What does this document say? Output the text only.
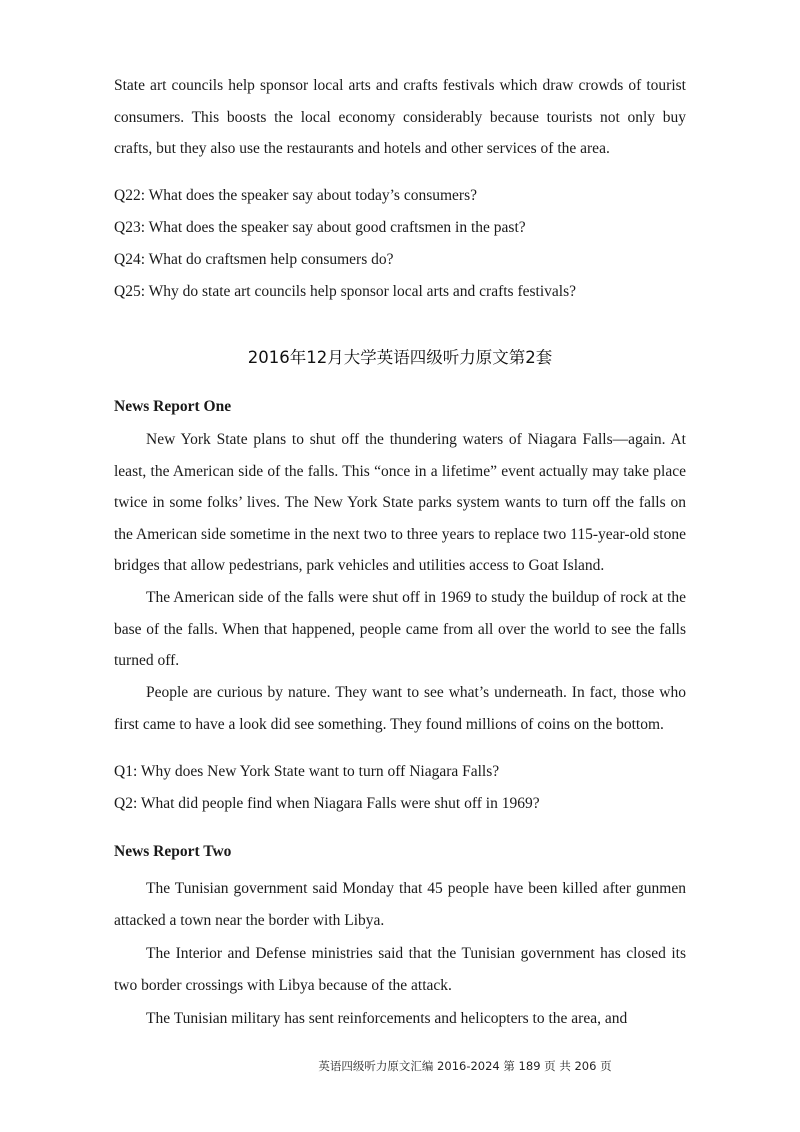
State art councils help sponsor local arts and crafts festivals which draw crowds of tourist consumers. This boosts the local economy considerably because tourists not only buy crafts, but they also use the restaurants and hotels and other services of the area.

Q22: What does the speaker say about today’s consumers?

Q23: What does the speaker say about good craftsmen in the past?

Q24: What do craftsmen help consumers do?

Q25: Why do state art councils help sponsor local arts and crafts festivals?

2016年12月大学英语四级听力原文第2套

News Report One

New York State plans to shut off the thundering waters of Niagara Falls—again. At least, the American side of the falls. This “once in a lifetime” event actually may take place twice in some folks’ lives. The New York State parks system wants to turn off the falls on the American side sometime in the next two to three years to replace two 115-year-old stone bridges that allow pedestrians, park vehicles and utilities access to Goat Island.

The American side of the falls were shut off in 1969 to study the buildup of rock at the base of the falls. When that happened, people came from all over the world to see the falls turned off.

People are curious by nature. They want to see what’s underneath. In fact, those who first came to have a look did see something. They found millions of coins on the bottom.

Q1: Why does New York State want to turn off Niagara Falls?

Q2: What did people find when Niagara Falls were shut off in 1969?

News Report Two

The Tunisian government said Monday that 45 people have been killed after gunmen attacked a town near the border with Libya.

The Interior and Defense ministries said that the Tunisian government has closed its two border crossings with Libya because of the attack.

The Tunisian military has sent reinforcements and helicopters to the area, and

英语四级听力原文汇编 2016-2024 第 189 页 共 206 页
